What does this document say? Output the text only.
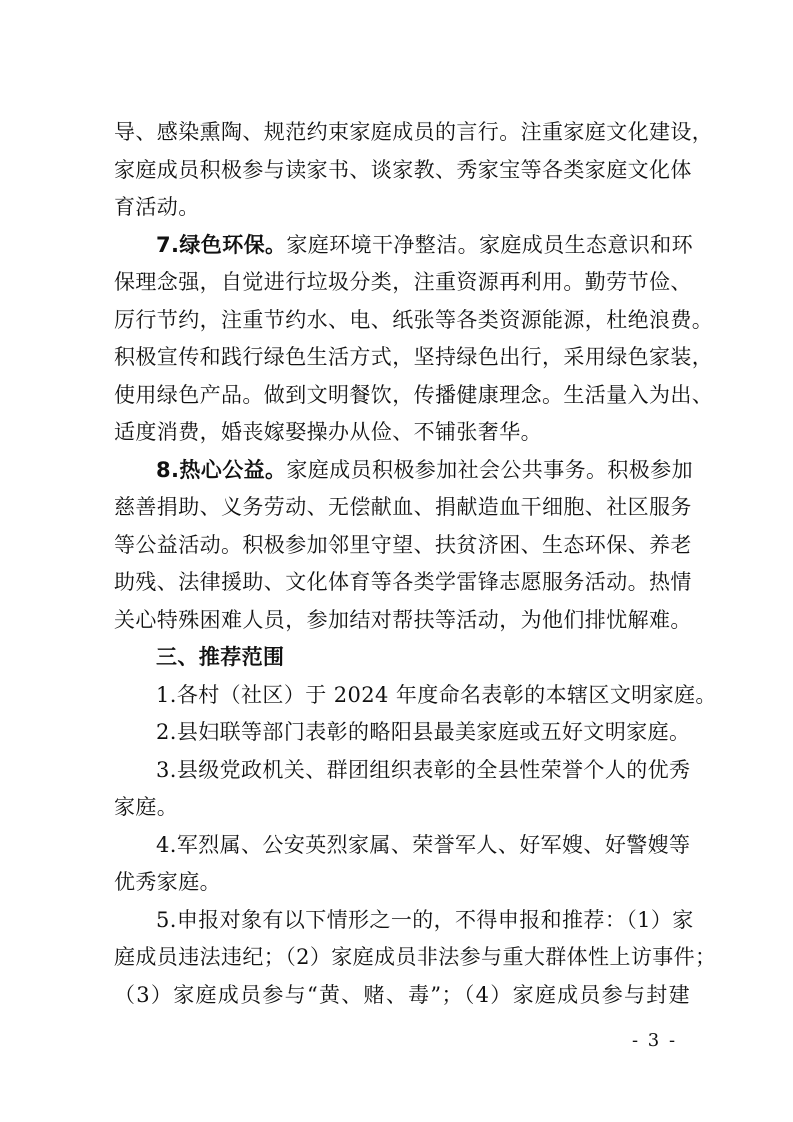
导、感染熏陶、规范约束家庭成员的言行。注重家庭文化建设，
家庭成员积极参与读家书、谈家教、秀家宝等各类家庭文化体
育活动。
7.绿色环保。家庭环境干净整洁。家庭成员生态意识和环
保理念强，自觉进行垃圾分类，注重资源再利用。勤劳节俭、
厉行节约，注重节约水、电、纸张等各类资源能源，杜绝浪费。
积极宣传和践行绿色生活方式，坚持绿色出行，采用绿色家装，
使用绿色产品。做到文明餐饮，传播健康理念。生活量入为出、
适度消费，婚丧嫁娶操办从俭、不铺张奢华。
8.热心公益。家庭成员积极参加社会公共事务。积极参加
慈善捐助、义务劳动、无偿献血、捐献造血干细胞、社区服务
等公益活动。积极参加邻里守望、扶贫济困、生态环保、养老
助残、法律援助、文化体育等各类学雷锋志愿服务活动。热情
关心特殊困难人员，参加结对帮扶等活动，为他们排忧解难。
三、推荐范围
1.各村（社区）于 2024 年度命名表彰的本辖区文明家庭。
2.县妇联等部门表彰的略阳县最美家庭或五好文明家庭。
3.县级党政机关、群团组织表彰的全县性荣誉个人的优秀
家庭。
4.军烈属、公安英烈家属、荣誉军人、好军嫂、好警嫂等
优秀家庭。
5.申报对象有以下情形之一的，不得申报和推荐：（1）家
庭成员违法违纪；（2）家庭成员非法参与重大群体性上访事件；
（3）家庭成员参与“黄、赌、毒”；（4）家庭成员参与封建
- 3 -
